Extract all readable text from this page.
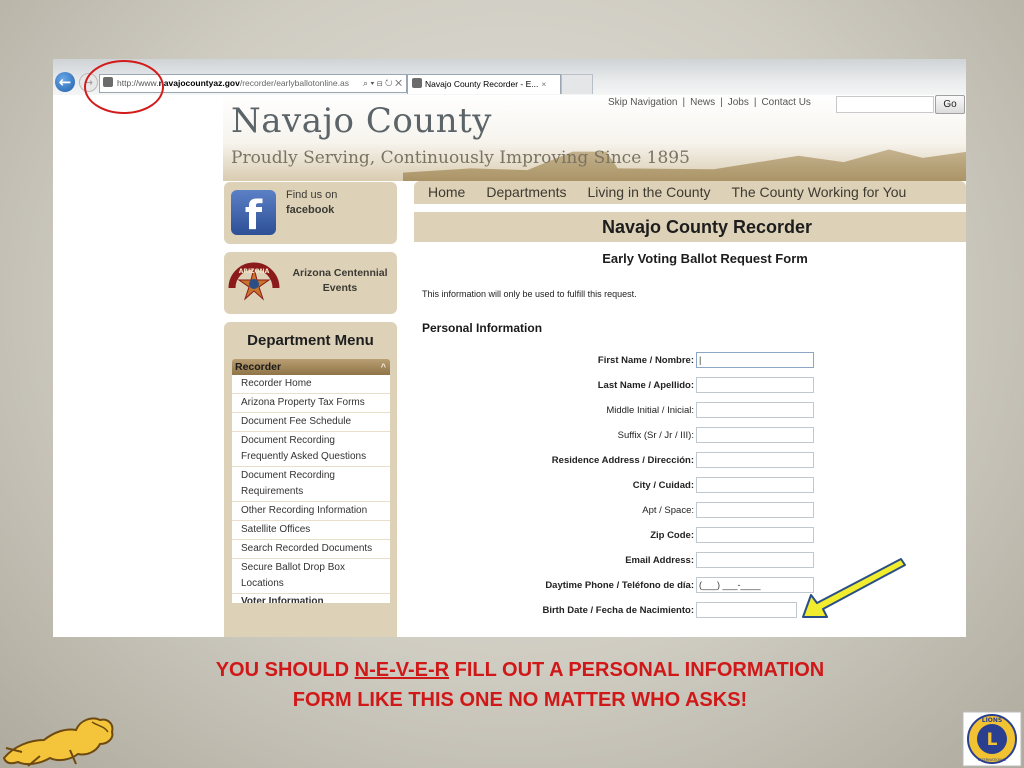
←	→	http://www.navajocountyaz.gov/recorder/earlyballotonline.as ⌕ ▾ ⊟ ↻ ✕	Navajo County Recorder - E... ×
Navajo County
Proudly Serving, Continuously Improving Since 1895
Skip Navigation | News | Jobs | Contact Us	Go
f	Find us on
facebook
ARIZONA Arizona Centennial
Events
Department Menu
Recorder	^
Recorder Home
Arizona Property Tax Forms
Document Fee Schedule
Document Recording Frequently Asked Questions
Document Recording Requirements
Other Recording Information
Satellite Offices
Search Recorded Documents
Secure Ballot Drop Box Locations
Voter Information
Home Departments Living in the County The County Working for You
Navajo County Recorder
Early Voting Ballot Request Form
This information will only be used to fulfill this request.
Personal Information
First Name / Nombre: |
Last Name / Apellido:
Middle Initial / Inicial:
Suffix (Sr / Jr / III):
Residence Address / Dirección:
City / Cuidad:
Apt / Space:
Zip Code:
Email Address:
Daytime Phone / Teléfono de día: (___) ___-____
Birth Date / Fecha de Nacimiento:
YOU SHOULD N-E-V-E-R FILL OUT A PERSONAL INFORMATION
FORM LIKE THIS ONE NO MATTER WHO ASKS!
L
LIONS
INTERNATIONAL
